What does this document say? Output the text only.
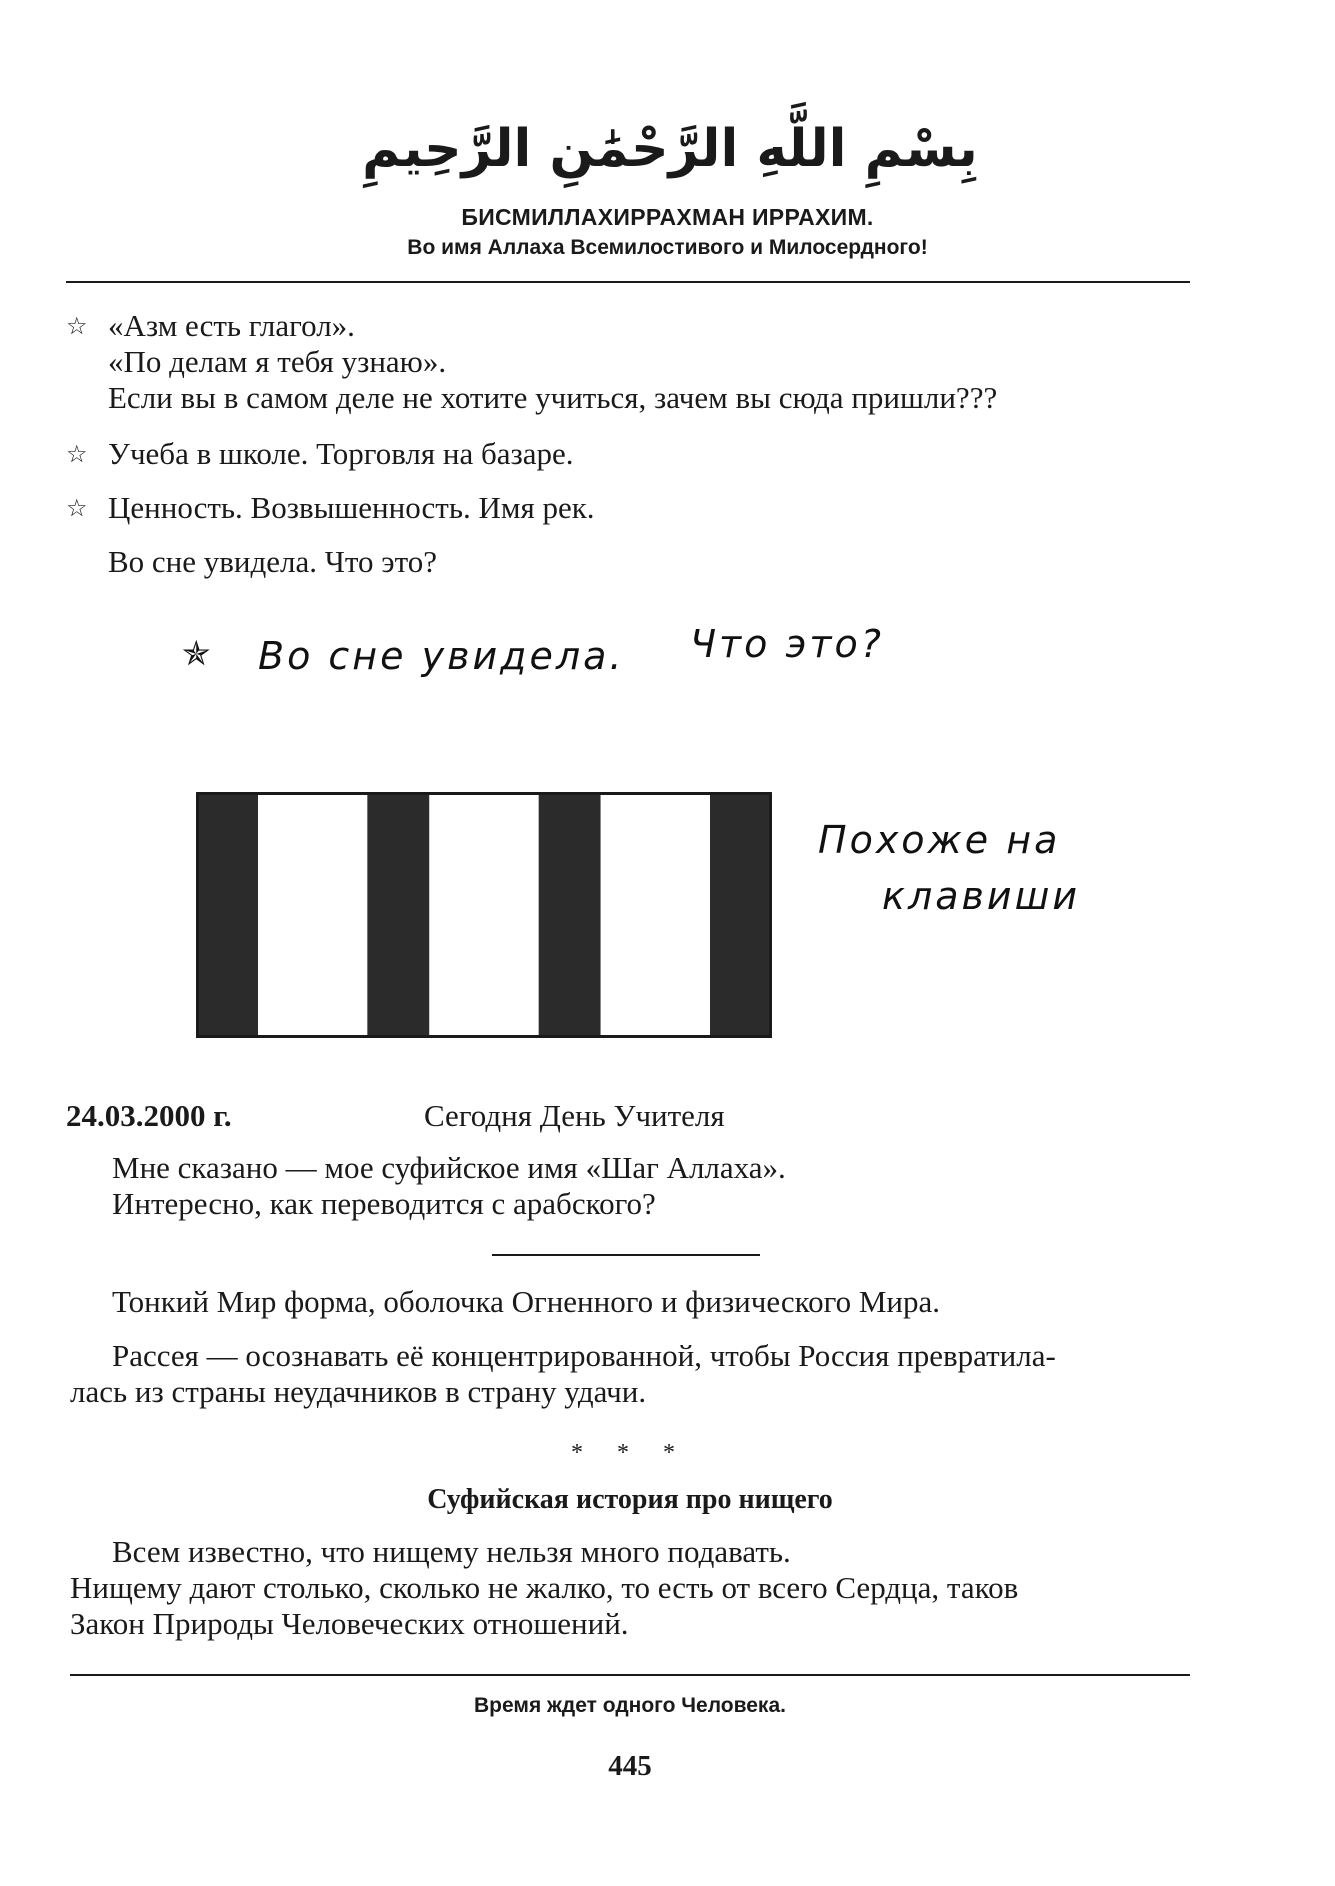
بِسْمِ اللَّهِ الرَّحْمَٰنِ الرَّحِيمِ
БИСМИЛЛАХИРРАХМАН ИРРАХИМ.
Во имя Аллаха Всемилостивого и Милосердного!
☆ «Азм есть глагол».
«По делам я тебя узнаю».
Если вы в самом деле не хотите учиться, зачем вы сюда пришли???
☆ Учеба в школе. Торговля на базаре.
☆ Ценность. Возвышенность. Имя рек.
Во сне увидела. Что это?
✯ Во сне увидела. Что это?
Похоже на
клавиши
24.03.2000 г.	Сегодня День Учителя
Мне сказано — мое суфийское имя «Шаг Аллаха».
Интересно, как переводится с арабского?
Тонкий Мир форма, оболочка Огненного и физического Мира.
Рассея — осознавать её концентрированной, чтобы Россия превратила-
лась из страны неудачников в страну удачи.
* * *
Суфийская история про нищего
Всем известно, что нищему нельзя много подавать.
Нищему дают столько, сколько не жалко, то есть от всего Сердца, таков
Закон Природы Человеческих отношений.
Время ждет одного Человека.
445
